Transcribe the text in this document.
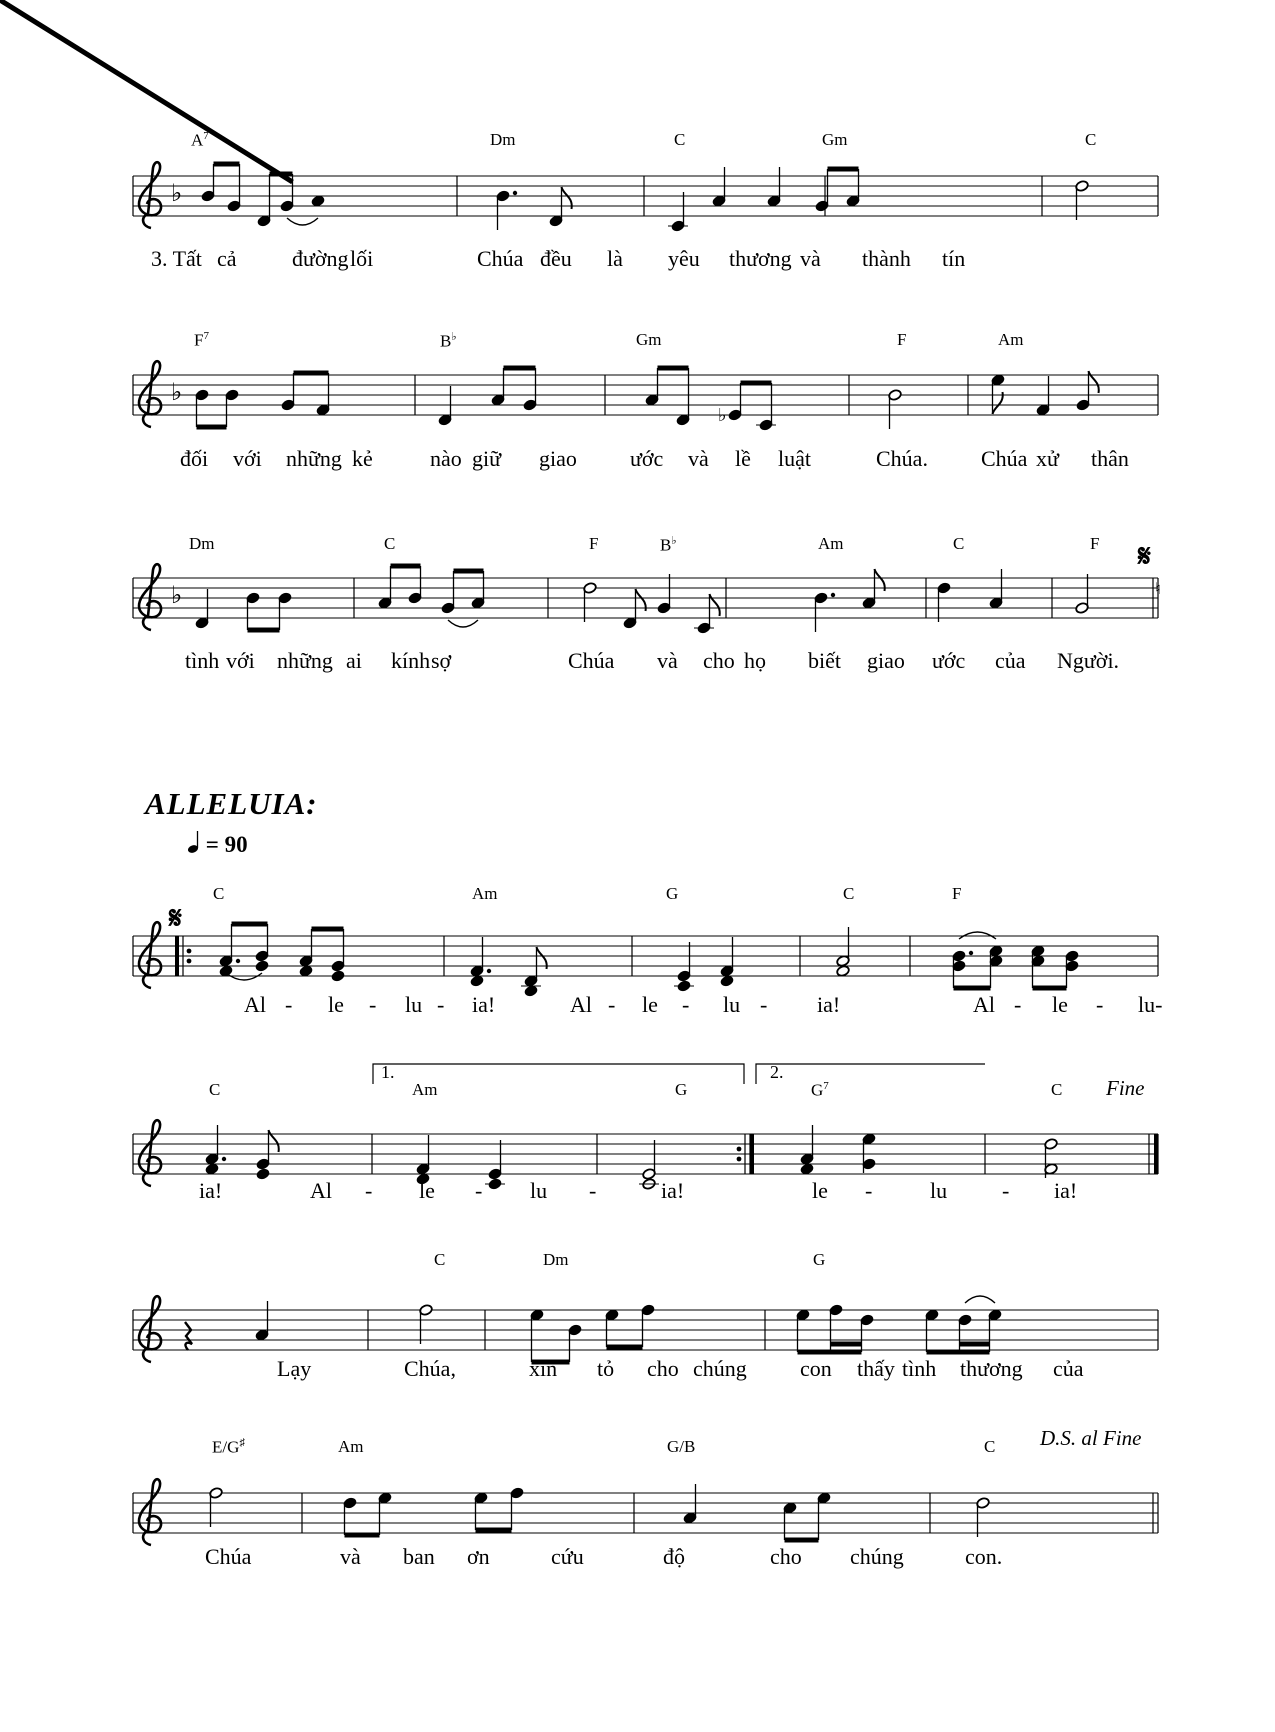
♭
♭
♭
♭	♮
𝄋
𝄋
$A^7$	Dm	C	Gm	C
3. Tất cả	đường lối	Chúa đều là yêu thương và thành tín
$F^7$	B♭	Gm	F	Am
đối với những kẻ	nào giữ giao ước và lề luật	Chúa. Chúa xử thân
Dm	C	F	B♭	Am	C	F
tình với những ai kính sợ	Chúa và cho họ biết giao ước của Người.
C	Am	G	C	F
Al - le - lu - ia!	Al - le - lu - ia!	Al - le - lu-
C	Am	G	$G^7$	C
ia!	Al - le - lu -	ia!	le -	lu - ia!
C	Dm	G
Lạy	Chúa,	xin tỏ cho chúng con thấy tình thương của
E/G♯	Am	G/B	C
Chúa	và ban ơn	cứu	độ	cho chúng	con.
ALLELUIA:
= 90
Fine
D.S. al Fine
1.	2.
